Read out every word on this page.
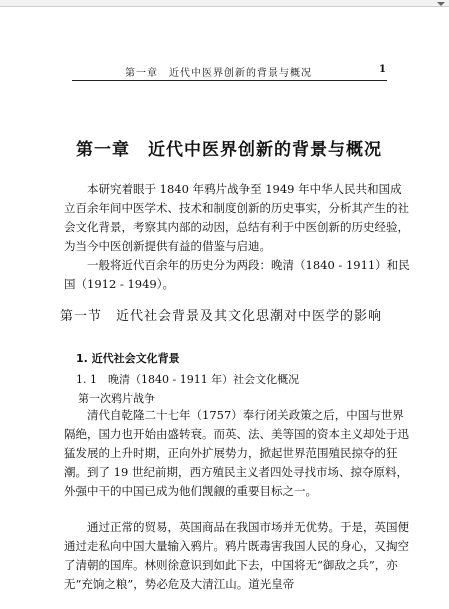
第一章　近代中医界创新的背景与概况	1
第一章　近代中医界创新的背景与概况

本研究着眼于 1840 年鸦片战争至 1949 年中华人民共和国成立百余年间中医学术、技术和制度创新的历史事实，分析其产生的社会文化背景，考察其内部的动因，总结有利于中医创新的历史经验，为当今中医创新提供有益的借鉴与启迪。

一般将近代百余年的历史分为两段：晚清（1840 - 1911）和民国（1912 - 1949）。

第一节　近代社会背景及其文化思潮对中医学的影响
1. 近代社会文化背景
1. 1　晚清（1840 - 1911 年）社会文化概况
第一次鸦片战争

清代自乾隆二十七年（1757）奉行闭关政策之后，中国与世界隔绝，国力也开始由盛转衰。而英、法、美等国的资本主义却处于迅猛发展的上升时期，正向外扩展势力，掀起世界范围殖民掠夺的狂潮。到了 19 世纪前期，西方殖民主义者四处寻找市场、掠夺原料，外强中干的中国已成为他们觊觎的重要目标之一。

通过正常的贸易，英国商品在我国市场并无优势。于是，英国便通过走私向中国大量输入鸦片。鸦片既毒害我国人民的身心，又掏空了清朝的国库。林则徐意识到如此下去，中国将无“御敌之兵”，亦无“充饷之粮”，势必危及大清江山。道光皇帝
